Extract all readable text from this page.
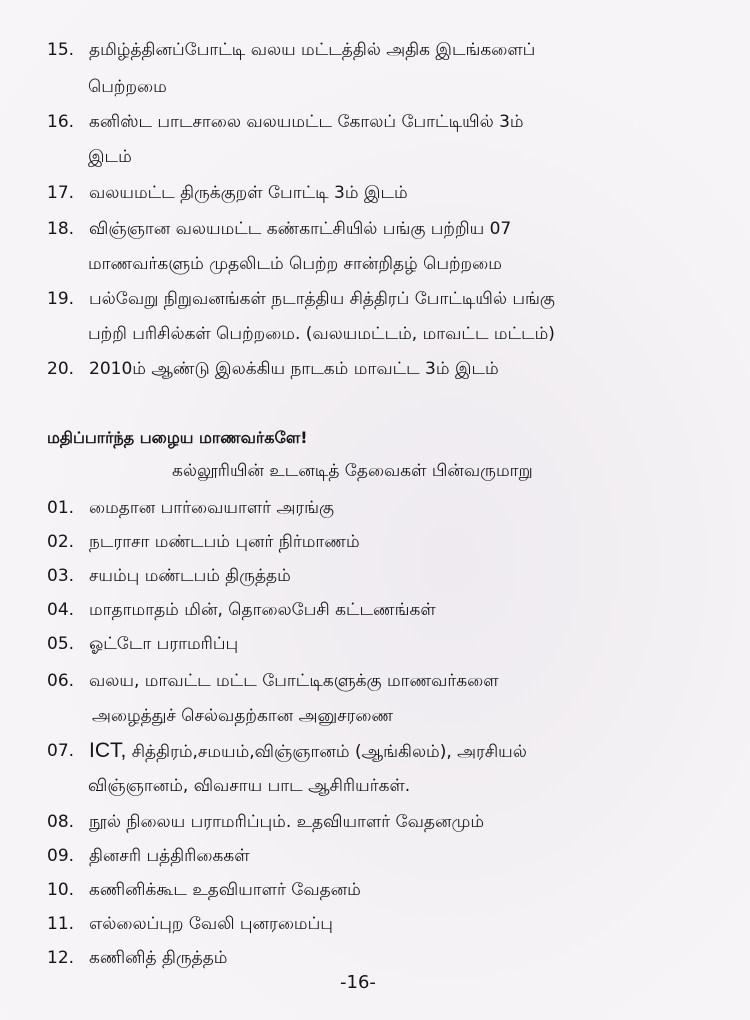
15. தமிழ்த்தினப்போட்டி வலய மட்டத்தில் அதிக இடங்களைப்
பெற்றமை
16. கனிஸ்ட பாடசாலை வலயமட்ட கோலப் போட்டியில் 3ம்
இடம்
17. வலயமட்ட திருக்குறள் போட்டி 3ம் இடம்
18. விஞ்ஞான வலயமட்ட கண்காட்சியில் பங்கு பற்றிய 07
மாணவர்களும் முதலிடம் பெற்ற சான்றிதழ் பெற்றமை
19. பல்வேறு நிறுவனங்கள் நடாத்திய சித்திரப் போட்டியில் பங்கு
பற்றி பரிசில்கள் பெற்றமை. (வலயமட்டம், மாவட்ட மட்டம்)
20. 2010ம் ஆண்டு இலக்கிய நாடகம் மாவட்ட 3ம் இடம்
மதிப்பார்ந்த பழைய மாணவர்களே!
கல்லூரியின் உடனடித் தேவைகள் பின்வருமாறு
01. மைதான பார்வையாளர் அரங்கு
02. நடராசா மண்டபம் புனர் நிர்மாணம்
03. சயம்பு மண்டபம் திருத்தம்
04. மாதாமாதம் மின், தொலைபேசி கட்டணங்கள்
05. ஓட்டோ பராமரிப்பு
06. வலய, மாவட்ட மட்ட போட்டிகளுக்கு மாணவர்களை
அழைத்துச் செல்வதற்கான அனுசரணை
07. ICT, சித்திரம்,சமயம்,விஞ்ஞானம் (ஆங்கிலம்), அரசியல்
விஞ்ஞானம், விவசாய பாட ஆசிரியர்கள்.
08. நூல் நிலைய பராமரிப்பும். உதவியாளர் வேதனமும்
09. தினசரி பத்திரிகைகள்
10. கணினிக்கூட உதவியாளர் வேதனம்
11. எல்லைப்புற வேலி புனரமைப்பு
12. கணினித் திருத்தம்
-16-
